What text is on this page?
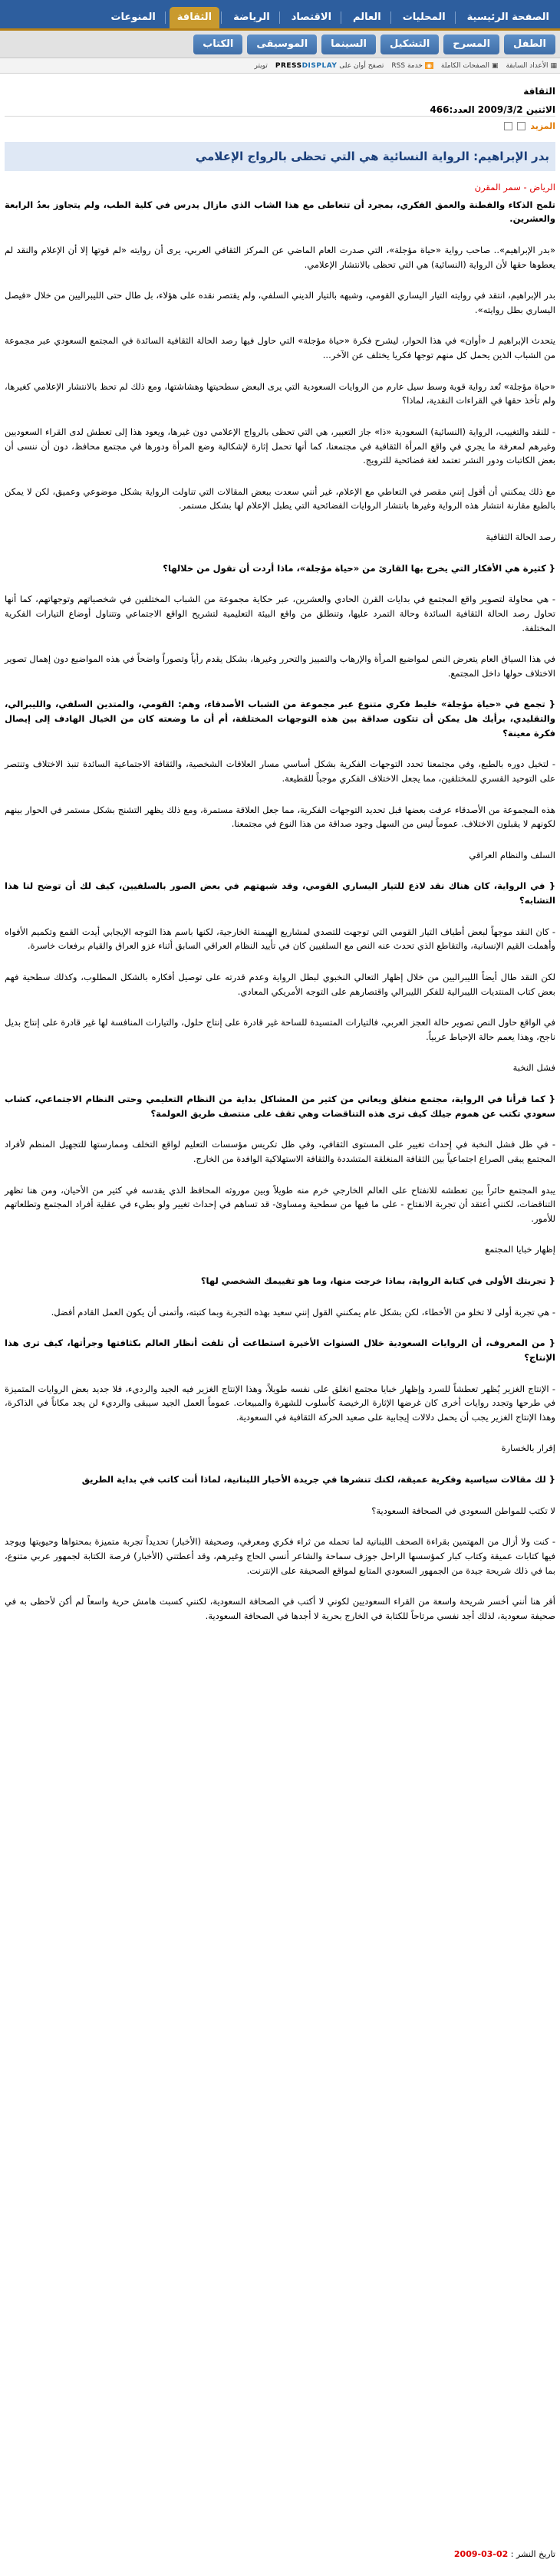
الصفحة الرئيسية
المحليات
العالم
الاقتصاد
الرياضة
الثقافة
المنوعات
الطفل
المسرح
التشكيل
السينما
الموسيقى
الكتاب
▦
الأعداد السابقة
▣
الصفحات الكاملة
◉
خدمة RSS
تصفح أوان على

PRESSDISPLAY
تويتر
الثقافة
الاثنين 2009/3/2
العدد:466
المزيد
بدر الإبراهيم: الرواية النسائية هي التي تحظى بالرواج الإعلامي

الرياض - سمر المقرن

تلمح الذكاء والفطنة والعمق الفكري، بمجرد أن تتعاطى مع هذا الشاب الذي مازال يدرس في كلية الطب، ولم يتجاوز بعدُ الرابعة والعشرين.

«بدر الإبراهيم».. صاحب رواية «حياة مؤجلة»، التي صدرت العام الماضي عن المركز الثقافي العربي، يرى أن روايته «لم قوتها إلا أن الإعلام والنقد لم يعطوها حقها لأن الرواية (النسائية) هي التي تحظى بالانتشار الإعلامي.

بدر الإبراهيم، انتقد في روايته التيار اليساري القومي، وشبهه بالتيار الديني السلفي، ولم يقتصر نقده على هؤلاء، بل طال حتى الليبراليين من خلال «فيصل اليساري بطل روايته».

يتحدث الإبراهيم لـ «أوان» في هذا الحوار، ليشرح فكرة «حياة مؤجلة» التي حاول فيها رصد الحالة الثقافية السائدة في المجتمع السعودي عبر مجموعة من الشباب الذين يحمل كل منهم توجها فكريا يختلف عن الآخر...

«حياة مؤجلة» تُعد رواية قوية وسط سيل عارم من الروايات السعودية التي يرى البعض سطحيتها وهشاشتها، ومع ذلك لم تحظ بالانتشار الإعلامي كغيرها، ولم تأخذ حقها في القراءات النقدية، لماذا؟

- للنقد والتغييب، الرواية (النسائية) السعودية «ذا» جاز التعبير، هي التي تحظى بالرواج الإعلامي دون غيرها، ويعود هذا إلى تعطش لدى القراء السعوديين وغيرهم لمعرفة ما يجري في واقع المرأة الثقافية في مجتمعنا، كما أنها تحمل إثارة لإشكالية وضع المرأة ودورها في مجتمع محافظ، دون أن ننسى أن بعض الكاتبات ودور النشر تعتمد لغة فضائحية للترويج.

مع ذلك يمكنني أن أقول إنني مقصر في التعاطي مع الإعلام، غير أنني سعدت ببعض المقالات التي تناولت الرواية بشكل موضوعي وعميق، لكن لا يمكن بالطبع مقارنة انتشار هذه الرواية وغيرها بانتشار الروايات الفضائحية التي يطبل الإعلام لها بشكل مستمر.

رصد الحالة الثقافية

{ كثيرة هي الأفكار التي يخرج بها القارئ من «حياة مؤجلة»، ماذا أردت أن تقول من خلالها؟

- هي محاولة لتصوير واقع المجتمع في بدايات القرن الحادي والعشرين، عبر حكاية مجموعة من الشباب المختلفين في شخصياتهم وتوجهاتهم، كما أنها تحاول رصد الحالة الثقافية السائدة وحالة التمرد عليها، وتنطلق من واقع البيئة التعليمية لتشريح الواقع الاجتماعي وتتناول أوضاع التيارات الفكرية المختلفة.

في هذا السياق العام يتعرض النص لمواضيع المرأة والإرهاب والتمييز والتحرر وغيرها، بشكل يقدم رأياً وتصوراً واضحاً في هذه المواضيع دون إهمال تصوير الاختلاف حولها داخل المجتمع.

{ تجمع في «حياة مؤجلة» خليط فكري متنوع عبر مجموعة من الشباب الأصدقاء، وهم: القومي، والمتدين السلفي، والليبرالي، والتقليدي، برأيك هل يمكن أن تتكون صداقة بين هذه التوجهات المختلفة، أم أن ما وضعته كان من الخيال الهادف إلى إيصال فكرة معينة؟

- لتخيل دوره بالطبع، وفي مجتمعنا تحدد التوجهات الفكرية بشكل أساسي مسار العلاقات الشخصية، والثقافة الاجتماعية السائدة تنبذ الاختلاف وتنتصر على التوحيد القسري للمختلفين، مما يجعل الاختلاف الفكري موجباً للقطيعة.

هذه المجموعة من الأصدقاء عرفت بعضها قبل تحديد التوجهات الفكرية، مما جعل العلاقة مستمرة، ومع ذلك يظهر التشنج بشكل مستمر في الحوار بينهم لكونهم لا يقبلون الاختلاف. عموماً ليس من السهل وجود صداقة من هذا النوع في مجتمعنا.

السلف والنظام العراقي

{ في الرواية، كان هناك نقد لاذع للتيار اليساري القومي، وقد شبهتهم في بعض الصور بالسلفيين، كيف لك أن توضح لنا هذا التشابه؟

- كان النقد موجهاً لبعض أطياف التيار القومي التي توجهت للتصدي لمشاريع الهيمنة الخارجية، لكنها باسم هذا التوجه الإيجابي أيدت القمع وتكميم الأفواه وأهملت القيم الإنسانية، والتقاطع الذي تحدث عنه النص مع السلفيين كان في تأييد النظام العراقي السابق أثناء غزو العراق والقيام برفعات خاسرة.

لكن النقد طال أيضاً الليبراليين من خلال إظهار التعالي النخبوي لبطل الرواية وعدم قدرته على توصيل أفكاره بالشكل المطلوب، وكذلك سطحية فهم بعض كتاب المنتديات الليبرالية للفكر الليبرالي واقتصارهم على التوجه الأمريكي المعادي.

في الواقع حاول النص تصوير حالة العجز العربي، فالتيارات المتسيدة للساحة غير قادرة على إنتاج حلول، والتيارات المنافسة لها غير قادرة على إنتاج بديل ناجح، وهذا يعمم حالة الإحباط عربياً.

فشل النخبة

{ كما قرأنا في الرواية، مجتمع منغلق ويعاني من كثير من المشاكل بداية من النظام التعليمي وحتى النظام الاجتماعي، كشاب سعودي تكتب عن هموم جيلك كيف ترى هذه التناقضات وهي تقف على منتصف طريق العولمة؟

- في ظل فشل النخبة في إحداث تغيير على المستوى الثقافي، وفي ظل تكريس مؤسسات التعليم لواقع التخلف وممارستها للتجهيل المنظم لأفراد المجتمع يبقى الصراع اجتماعياً بين الثقافة المنغلقة المتشددة والثقافة الاستهلاكية الوافدة من الخارج.

يبدو المجتمع حائراً بين تعطشه للانفتاح على العالم الخارجي خرم منه طويلاً وبين موروثه المحافظ الذي يقدسه في كثير من الأحيان، ومن هنا تظهر التناقضات، لكنني أعتقد أن تجربة الانفتاح - على ما فيها من سطحية ومساوئ- قد تساهم في إحداث تغيير ولو بطيء في عقلية أفراد المجتمع وتطلعاتهم للأمور.

إظهار خبايا المجتمع

{ تجربتك الأولى في كتابة الرواية، بماذا خرجت منها، وما هو تقييمك الشخصي لها؟

- هي تجربة أولى لا تخلو من الأخطاء، لكن بشكل عام يمكنني القول إنني سعيد بهذه التجربة وبما كتبته، وأتمنى أن يكون العمل القادم أفضل.

{ من المعروف، أن الروايات السعودية خلال السنوات الأخيرة استطاعت أن تلفت أنظار العالم بكثافتها وجرأتها، كيف ترى هذا الإنتاج؟

- الإنتاج الغزير يُظهر تعطشاً للسرد وإظهار خبايا مجتمع انغلق على نفسه طويلاً، وهذا الإنتاج الغزير فيه الجيد والرديء، فلا جديد بعض الروايات المتميزة في طرحها وتجدد روايات أخرى كان غرضها الإثارة الرخيصة كأسلوب للشهرة والمبيعات. عموماً العمل الجيد سيبقى والرديء لن يجد مكاناً في الذاكرة، وهذا الإنتاج الغزير يجب أن يحمل دلالات إيجابية على صعيد الحركة الثقافية في السعودية.

إقرار بالخسارة

{ لك مقالات سياسية وفكرية عميقة، لكنك تنشرها في جريدة الأخبار اللبنانية، لماذا أنت كاتب في بداية الطريق

لا تكتب للمواطن السعودي في الصحافة السعودية؟

- كنت ولا أزال من المهتمين بقراءة الصحف اللبنانية لما تحمله من ثراء فكري ومعرفي، وصحيفة (الأخبار) تحديداً تجربة متميزة بمحتواها وحيويتها ويوجد فيها كتابات عميقة وكتاب كبار كمؤسسها الراحل جوزف سماحة والشاعر أنسي الحاج وغيرهم، وقد أعطتني (الأخبار) فرصة الكتابة لجمهور عربي متنوع، بما في ذلك شريحة جيدة من الجمهور السعودي المتابع لمواقع الصحيفة على الإنترنت.

أقر هنا أنني أخسر شريحة واسعة من القراء السعوديين لكوني لا أكتب في الصحافة السعودية، لكنني كسبت هامش حرية واسعاً لم أكن لأحظى به في صحيفة سعودية، لذلك أجد نفسي مرتاحاً للكتابة في الخارج بحرية لا أجدها في الصحافة السعودية.

تاريخ النشر : 02-03-2009
